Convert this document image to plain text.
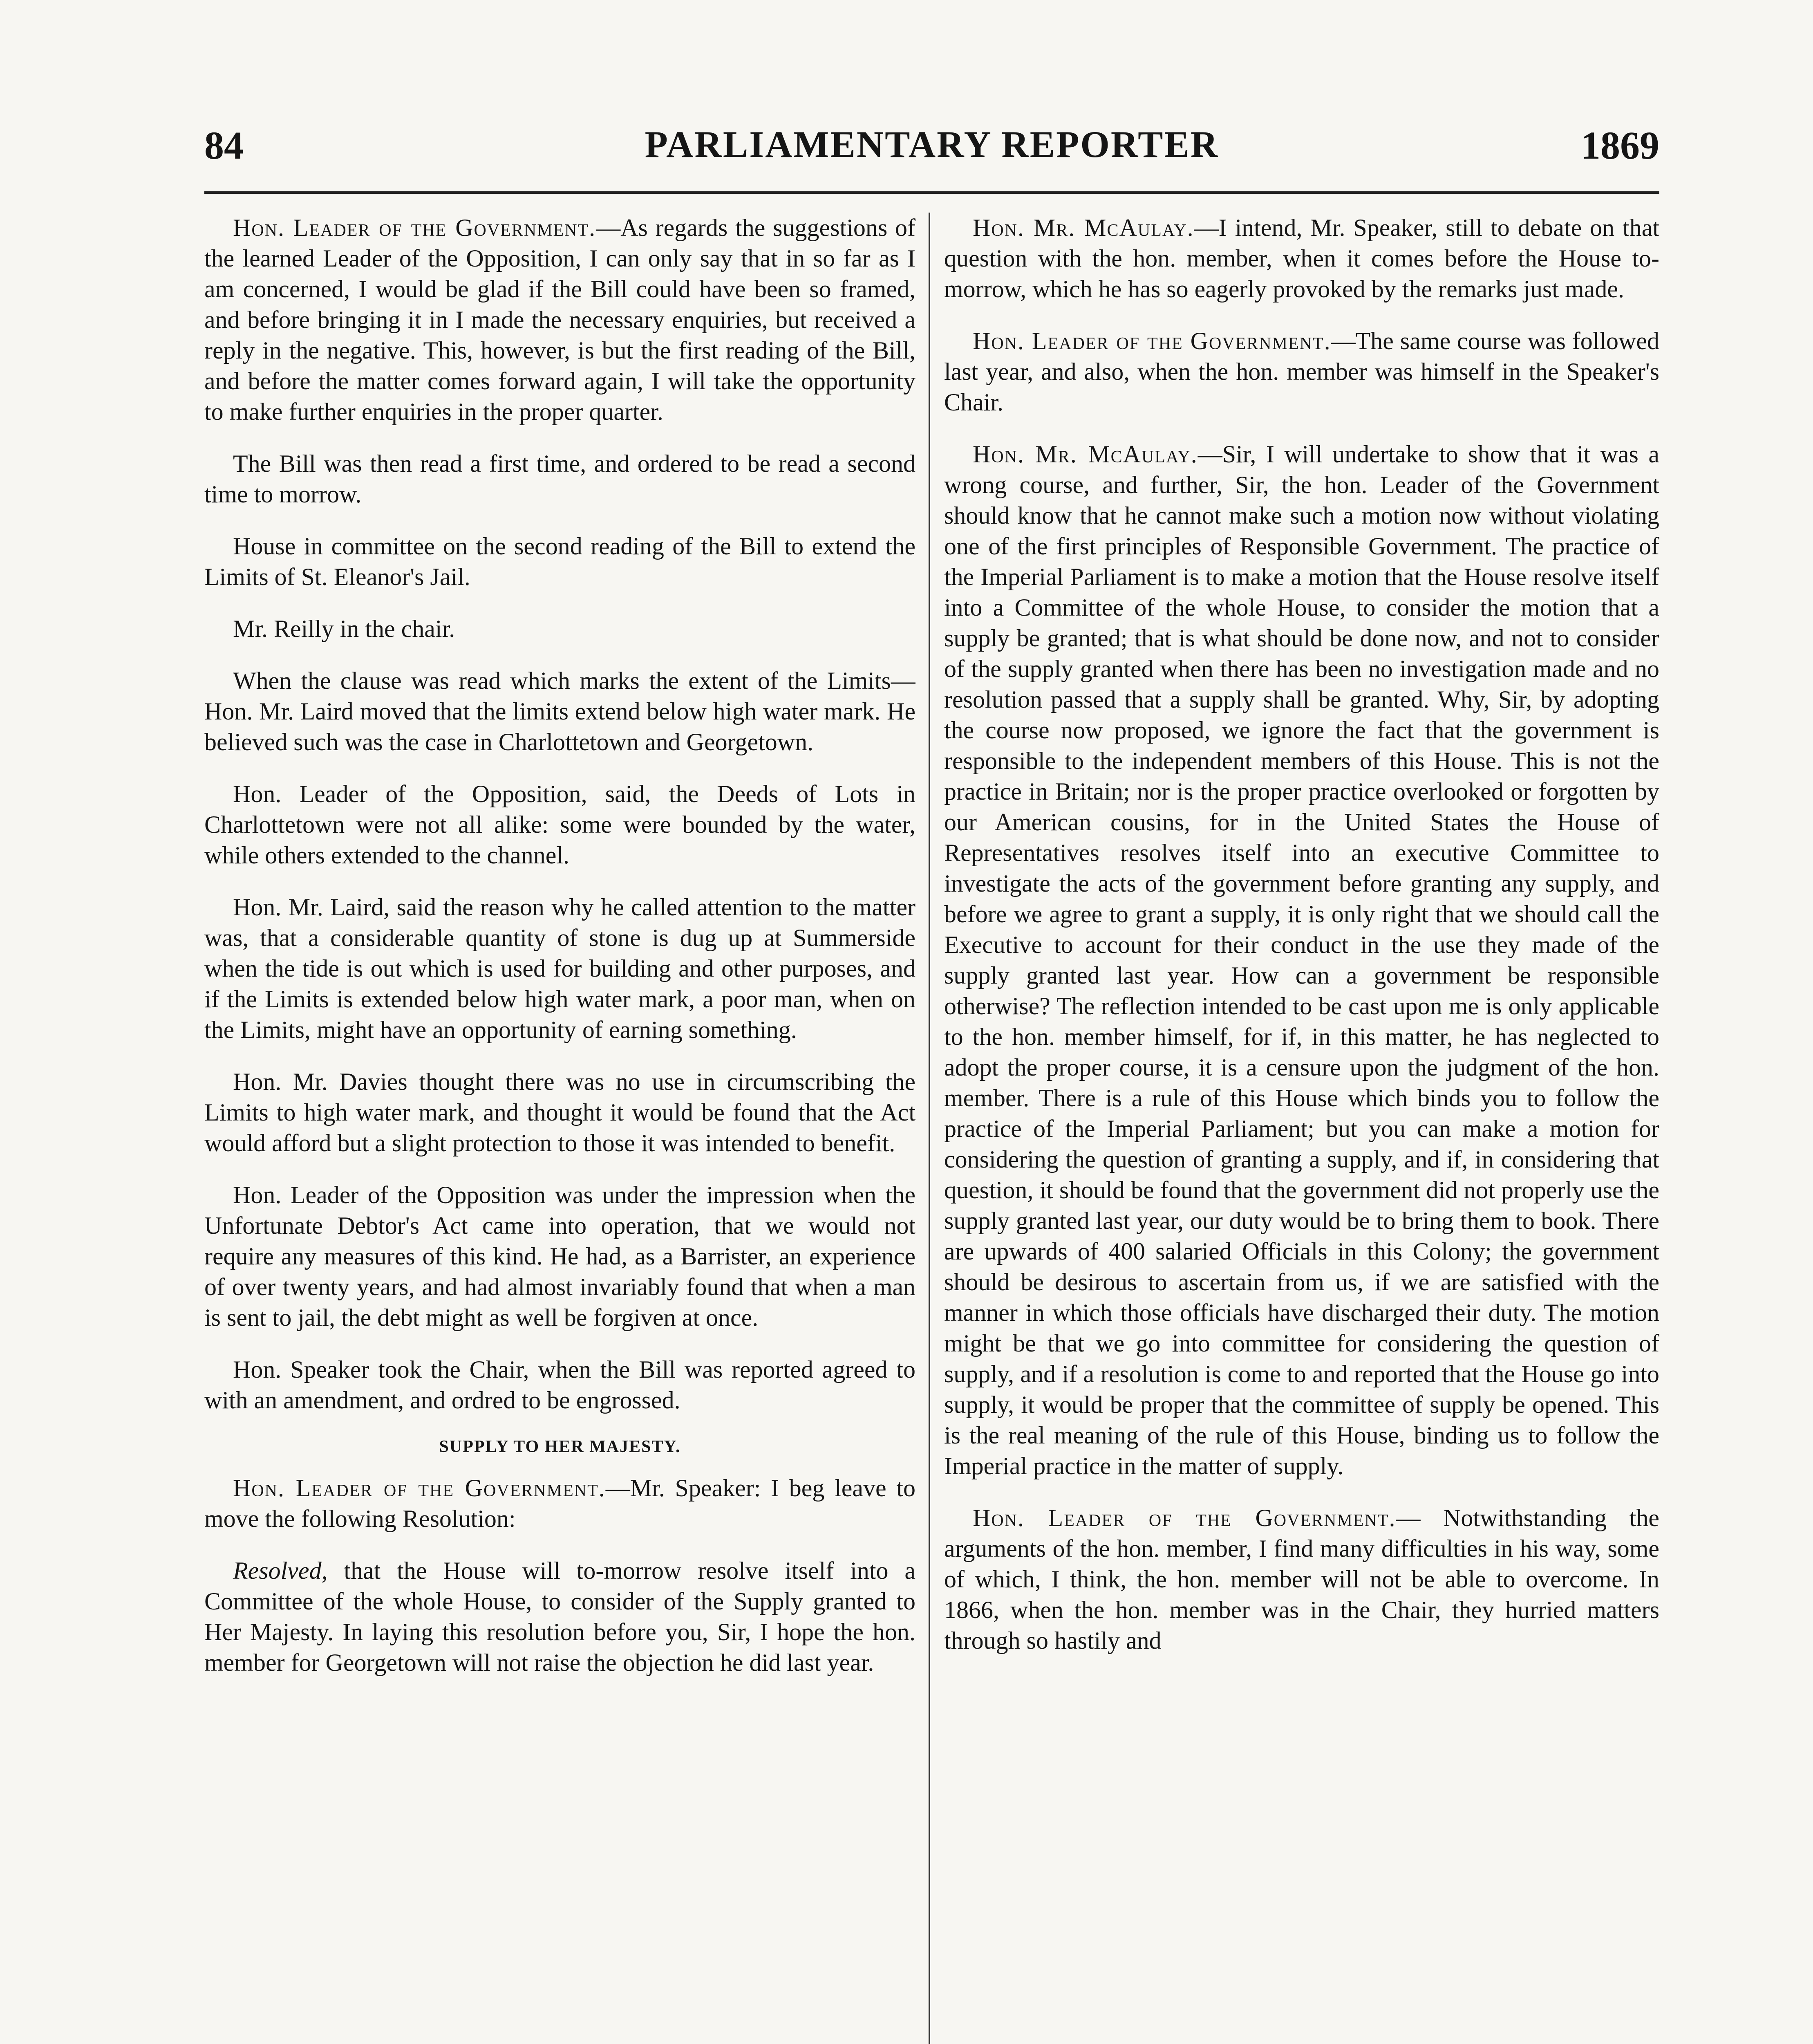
84	PARLIAMENTARY REPORTER	1869

Hon. Leader of the Government.—As regards the suggestions of the learned Leader of the Opposition, I can only say that in so far as I am concerned, I would be glad if the Bill could have been so framed, and before bringing it in I made the necessary enquiries, but received a reply in the negative. This, however, is but the first reading of the Bill, and before the matter comes forward again, I will take the opportunity to make further enquiries in the proper quarter.

The Bill was then read a first time, and ordered to be read a second time to morrow.

House in committee on the second reading of the Bill to extend the Limits of St. Eleanor's Jail.

Mr. Reilly in the chair.

When the clause was read which marks the extent of the Limits—Hon. Mr. Laird moved that the limits extend below high water mark. He believed such was the case in Charlottetown and Georgetown.

Hon. Leader of the Opposition, said, the Deeds of Lots in Charlottetown were not all alike: some were bounded by the water, while others extended to the channel.

Hon. Mr. Laird, said the reason why he called attention to the matter was, that a considerable quantity of stone is dug up at Summerside when the tide is out which is used for building and other purposes, and if the Limits is extended below high water mark, a poor man, when on the Limits, might have an opportunity of earning something.

Hon. Mr. Davies thought there was no use in circumscribing the Limits to high water mark, and thought it would be found that the Act would afford but a slight protection to those it was intended to benefit.

Hon. Leader of the Opposition was under the impression when the Unfortunate Debtor's Act came into operation, that we would not require any measures of this kind. He had, as a Barrister, an experience of over twenty years, and had almost invariably found that when a man is sent to jail, the debt might as well be forgiven at once.

Hon. Speaker took the Chair, when the Bill was reported agreed to with an amendment, and ordred to be engrossed.

SUPPLY TO HER MAJESTY.

Hon. Leader of the Government.—Mr. Speaker: I beg leave to move the following Resolution:

Resolved, that the House will to-morrow resolve itself into a Committee of the whole House, to consider of the Supply granted to Her Majesty. In laying this resolution before you, Sir, I hope the hon. member for Georgetown will not raise the objection he did last year.

Hon. Mr. McAulay.—I intend, Mr. Speaker, still to debate on that question with the hon. member, when it comes before the House to-morrow, which he has so eagerly provoked by the remarks just made.

Hon. Leader of the Government.—The same course was followed last year, and also, when the hon. member was himself in the Speaker's Chair.

Hon. Mr. McAulay.—Sir, I will undertake to show that it was a wrong course, and further, Sir, the hon. Leader of the Government should know that he cannot make such a motion now without violating one of the first principles of Responsible Government. The practice of the Imperial Parliament is to make a motion that the House resolve itself into a Committee of the whole House, to consider the motion that a supply be granted; that is what should be done now, and not to consider of the supply granted when there has been no investigation made and no resolution passed that a supply shall be granted. Why, Sir, by adopting the course now proposed, we ignore the fact that the government is responsible to the independent members of this House. This is not the practice in Britain; nor is the proper practice overlooked or forgotten by our American cousins, for in the United States the House of Representatives resolves itself into an executive Committee to investigate the acts of the government before granting any supply, and before we agree to grant a supply, it is only right that we should call the Executive to account for their conduct in the use they made of the supply granted last year. How can a government be responsible otherwise? The reflection intended to be cast upon me is only applicable to the hon. member himself, for if, in this matter, he has neglected to adopt the proper course, it is a censure upon the judgment of the hon. member. There is a rule of this House which binds you to follow the practice of the Imperial Parliament; but you can make a motion for considering the question of granting a supply, and if, in considering that question, it should be found that the government did not properly use the supply granted last year, our duty would be to bring them to book. There are upwards of 400 salaried Officials in this Colony; the government should be desirous to ascertain from us, if we are satisfied with the manner in which those officials have discharged their duty. The motion might be that we go into committee for considering the question of supply, and if a resolution is come to and reported that the House go into supply, it would be proper that the committee of supply be opened. This is the real meaning of the rule of this House, binding us to follow the Imperial practice in the matter of supply.

Hon. Leader of the Government.— Notwithstanding the arguments of the hon. member, I find many difficulties in his way, some of which, I think, the hon. member will not be able to overcome. In 1866, when the hon. member was in the Chair, they hurried matters through so hastily and
